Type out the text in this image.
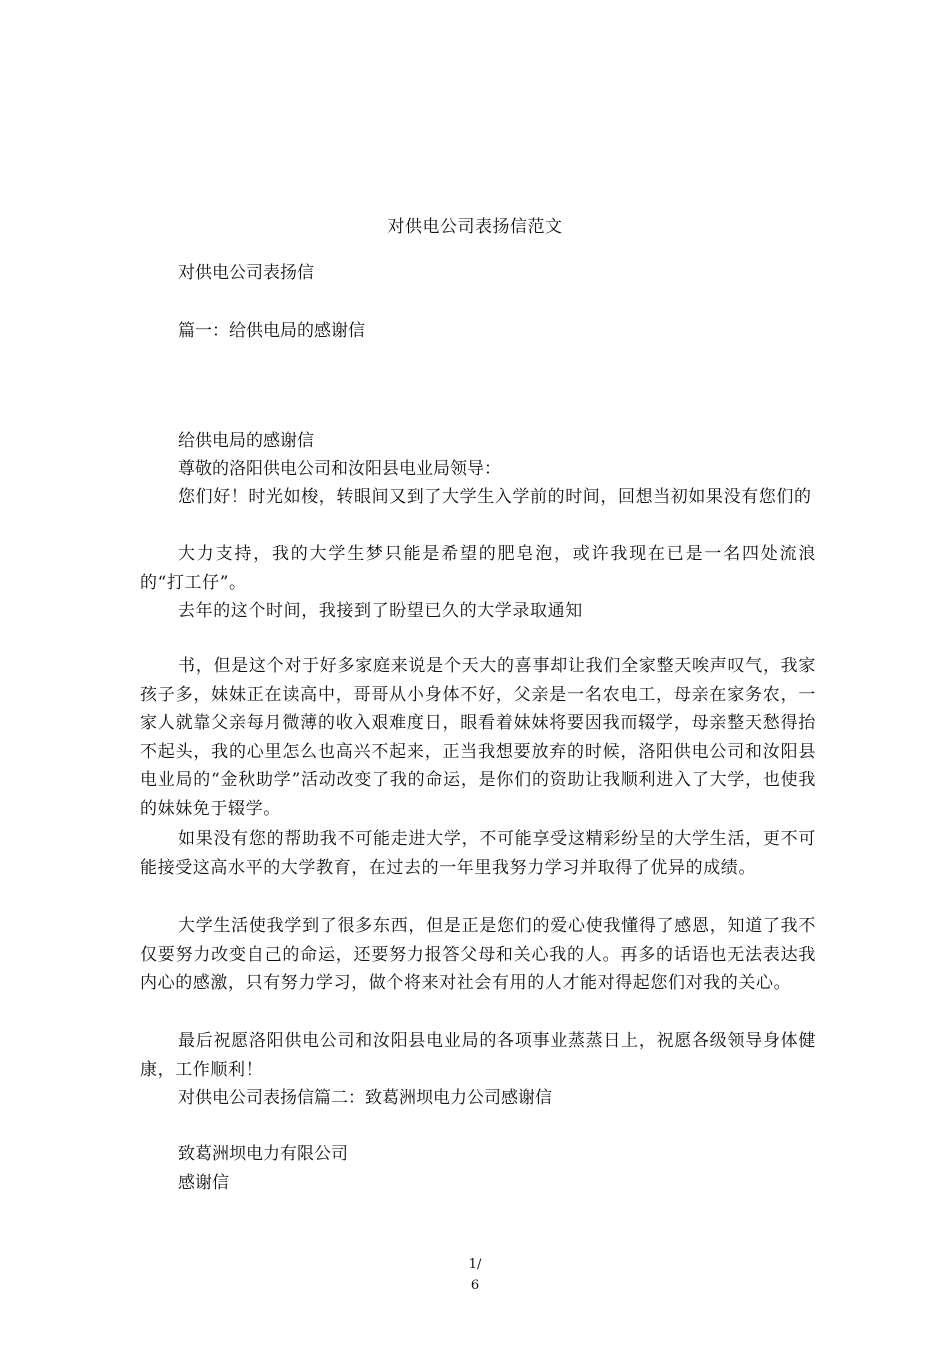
对供电公司表扬信范文
对供电公司表扬信
篇一：给供电局的感谢信
给供电局的感谢信
尊敬的洛阳供电公司和汝阳县电业局领导：
您们好！时光如梭，转眼间又到了大学生入学前的时间，回想当初如果没有您们的
大力支持，我的大学生梦只能是希望的肥皂泡，或许我现在已是一名四处流浪的“打工仔”。
去年的这个时间，我接到了盼望已久的大学录取通知
书，但是这个对于好多家庭来说是个天大的喜事却让我们全家整天唉声叹气，我家孩子多，妹妹正在读高中，哥哥从小身体不好，父亲是一名农电工，母亲在家务农，一家人就靠父亲每月微薄的收入艰难度日，眼看着妹妹将要因我而辍学，母亲整天愁得抬不起头，我的心里怎么也高兴不起来，正当我想要放弃的时候，洛阳供电公司和汝阳县电业局的“金秋助学”活动改变了我的命运，是你们的资助让我顺利进入了大学，也使我的妹妹免于辍学。
如果没有您的帮助我不可能走进大学，不可能享受这精彩纷呈的大学生活，更不可能接受这高水平的大学教育，在过去的一年里我努力学习并取得了优异的成绩。
大学生活使我学到了很多东西，但是正是您们的爱心使我懂得了感恩，知道了我不仅要努力改变自己的命运，还要努力报答父母和关心我的人。再多的话语也无法表达我内心的感激，只有努力学习，做个将来对社会有用的人才能对得起您们对我的关心。
最后祝愿洛阳供电公司和汝阳县电业局的各项事业蒸蒸日上，祝愿各级领导身体健康，工作顺利！
对供电公司表扬信篇二：致葛洲坝电力公司感谢信
致葛洲坝电力有限公司
感谢信
1/
6
